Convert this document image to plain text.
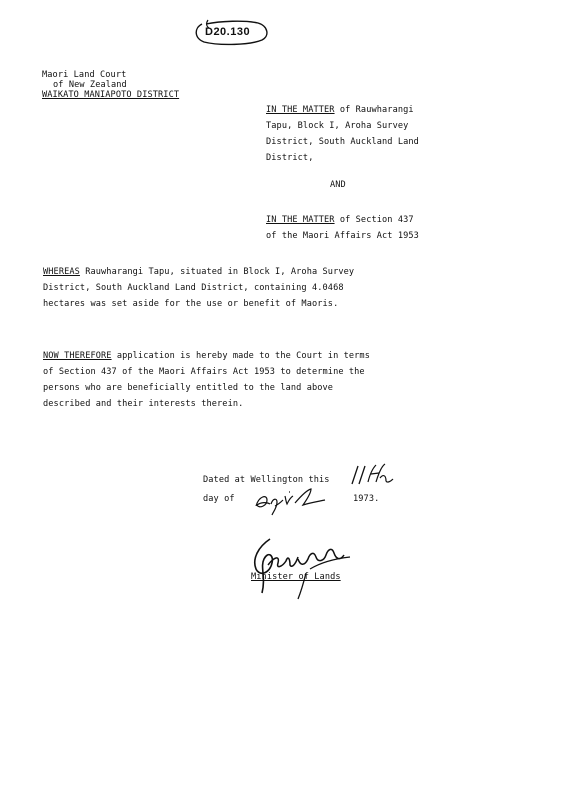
D20.130
Maori Land Court
of New Zealand
WAIKATO MANIAPOTO DISTRICT
IN THE MATTER of Rauwharangi
Tapu, Block I, Aroha Survey
District, South Auckland Land
District,
AND
IN THE MATTER of Section 437
of the Maori Affairs Act 1953
WHEREAS Rauwharangi Tapu, situated in Block I, Aroha Survey
District, South Auckland Land District, containing 4.0468
hectares was set aside for the use or benefit of Maoris.
NOW THEREFORE application is hereby made to the Court in terms
of Section 437 of the Maori Affairs Act 1953 to determine the
persons who are beneficially entitled to the land above
described and their interests therein.
Dated at Wellington this
day of	1973.
Minister of Lands
